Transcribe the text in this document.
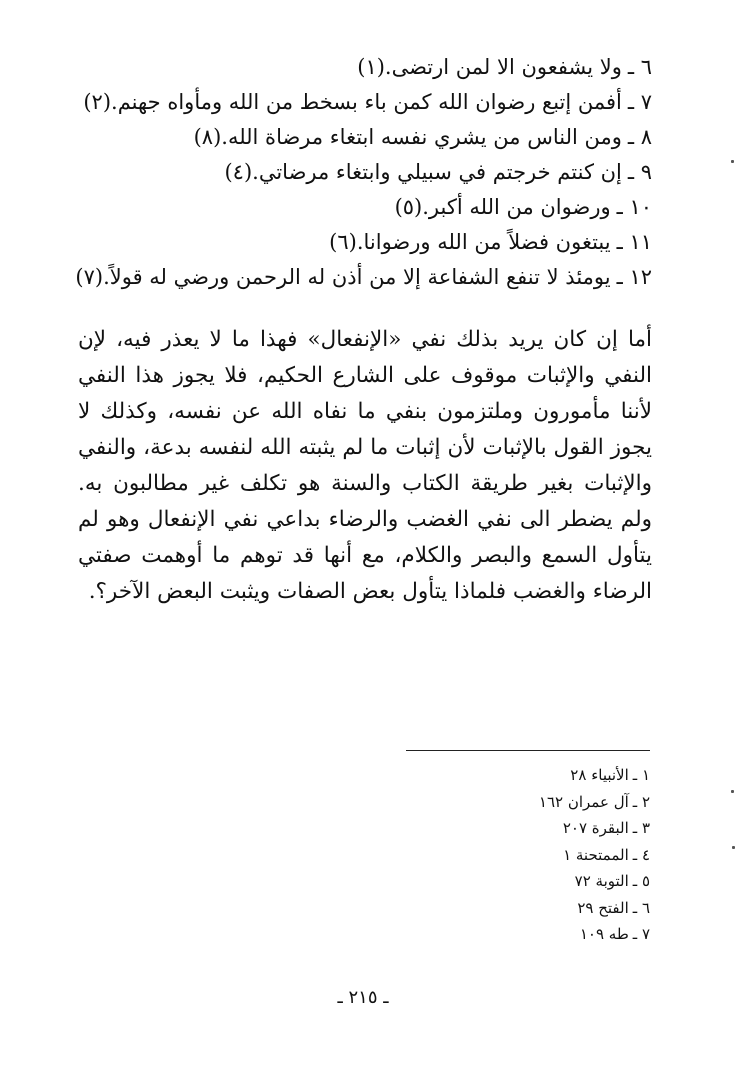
٦ ـولا يشفعون الا لمن ارتضى.(١)
٧ ـأفمن إتبع رضوان الله كمن باء بسخط من الله ومأواه جهنم.(٢)
٨ ـومن الناس من يشري نفسه ابتغاء مرضاة الله.(٨)
٩ ـإن كنتم خرجتم في سبيلي وابتغاء مرضاتي.(٤)
١٠ ـورضوان من الله أكبر.(٥)
١١ ـيبتغون فضلاً من الله ورضوانا.(٦)
١٢ ـيومئذ لا تنفع الشفاعة إلا من أذن له الرحمن ورضي له قولاً.(٧)

أما إن كان يريد بذلك نفي «الإنفعال» فهذا ما لا يعذر فيه، لإن النفي والإثبات موقوف على الشارع الحكيم، فلا يجوز هذا النفي لأننا مأمورون وملتزمون بنفي ما نفاه الله عن نفسه، وكذلك لا يجوز القول بالإثبات لأن إثبات ما لم يثبته الله لنفسه بدعة، والنفي والإثبات بغير طريقة الكتاب والسنة هو تكلف غير مطالبون به. ولم يضطر الى نفي الغضب والرضاء بداعي نفي الإنفعال وهو لم يتأول السمع والبصر والكلام، مع أنها قد توهم ما أوهمت صفتي الرضاء والغضب فلماذا يتأول بعض الصفات ويثبت البعض الآخر؟.

١ ـالأنبياء ٢٨
٢ ـآل عمران ١٦٢
٣ ـالبقرة ٢٠٧
٤ ـالممتحنة ١
٥ ـالتوبة ٧٢
٦ ـالفتح ٢٩
٧ ـطه ١٠٩
ـ ٢١٥ ـ
